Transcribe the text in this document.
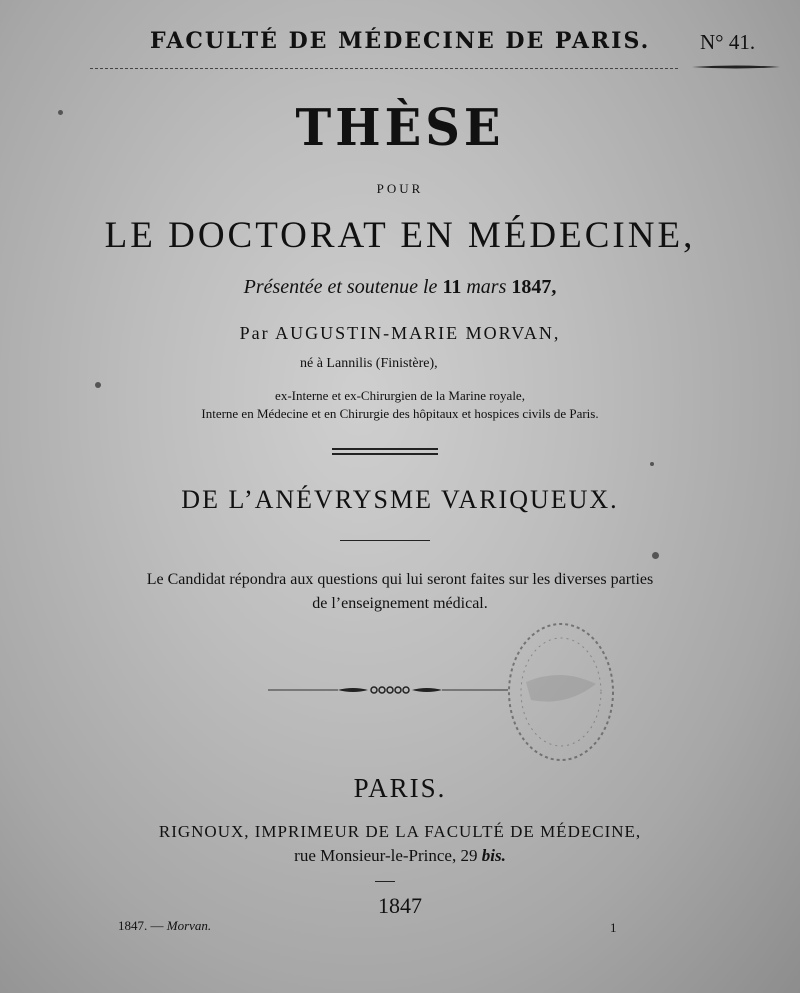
FACULTÉ DE MÉDECINE DE PARIS. N° 41.
THÈSE
POUR
LE DOCTORAT EN MÉDECINE,
Présentée et soutenue le 11 mars 1847,
Par AUGUSTIN-MARIE MORVAN,
né à Lannilis (Finistère),
ex-Interne et ex-Chirurgien de la Marine royale,
Interne en Médecine et en Chirurgie des hôpitaux et hospices civils de Paris.
DE L’ANÉVRYSME VARIQUEUX.
Le Candidat répondra aux questions qui lui seront faites sur les diverses parties
de l’enseignement médical.
PARIS.
RIGNOUX, IMPRIMEUR DE LA FACULTÉ DE MÉDECINE,
rue Monsieur-le-Prince, 29 bis.
1847
1847. — Morvan.	1
